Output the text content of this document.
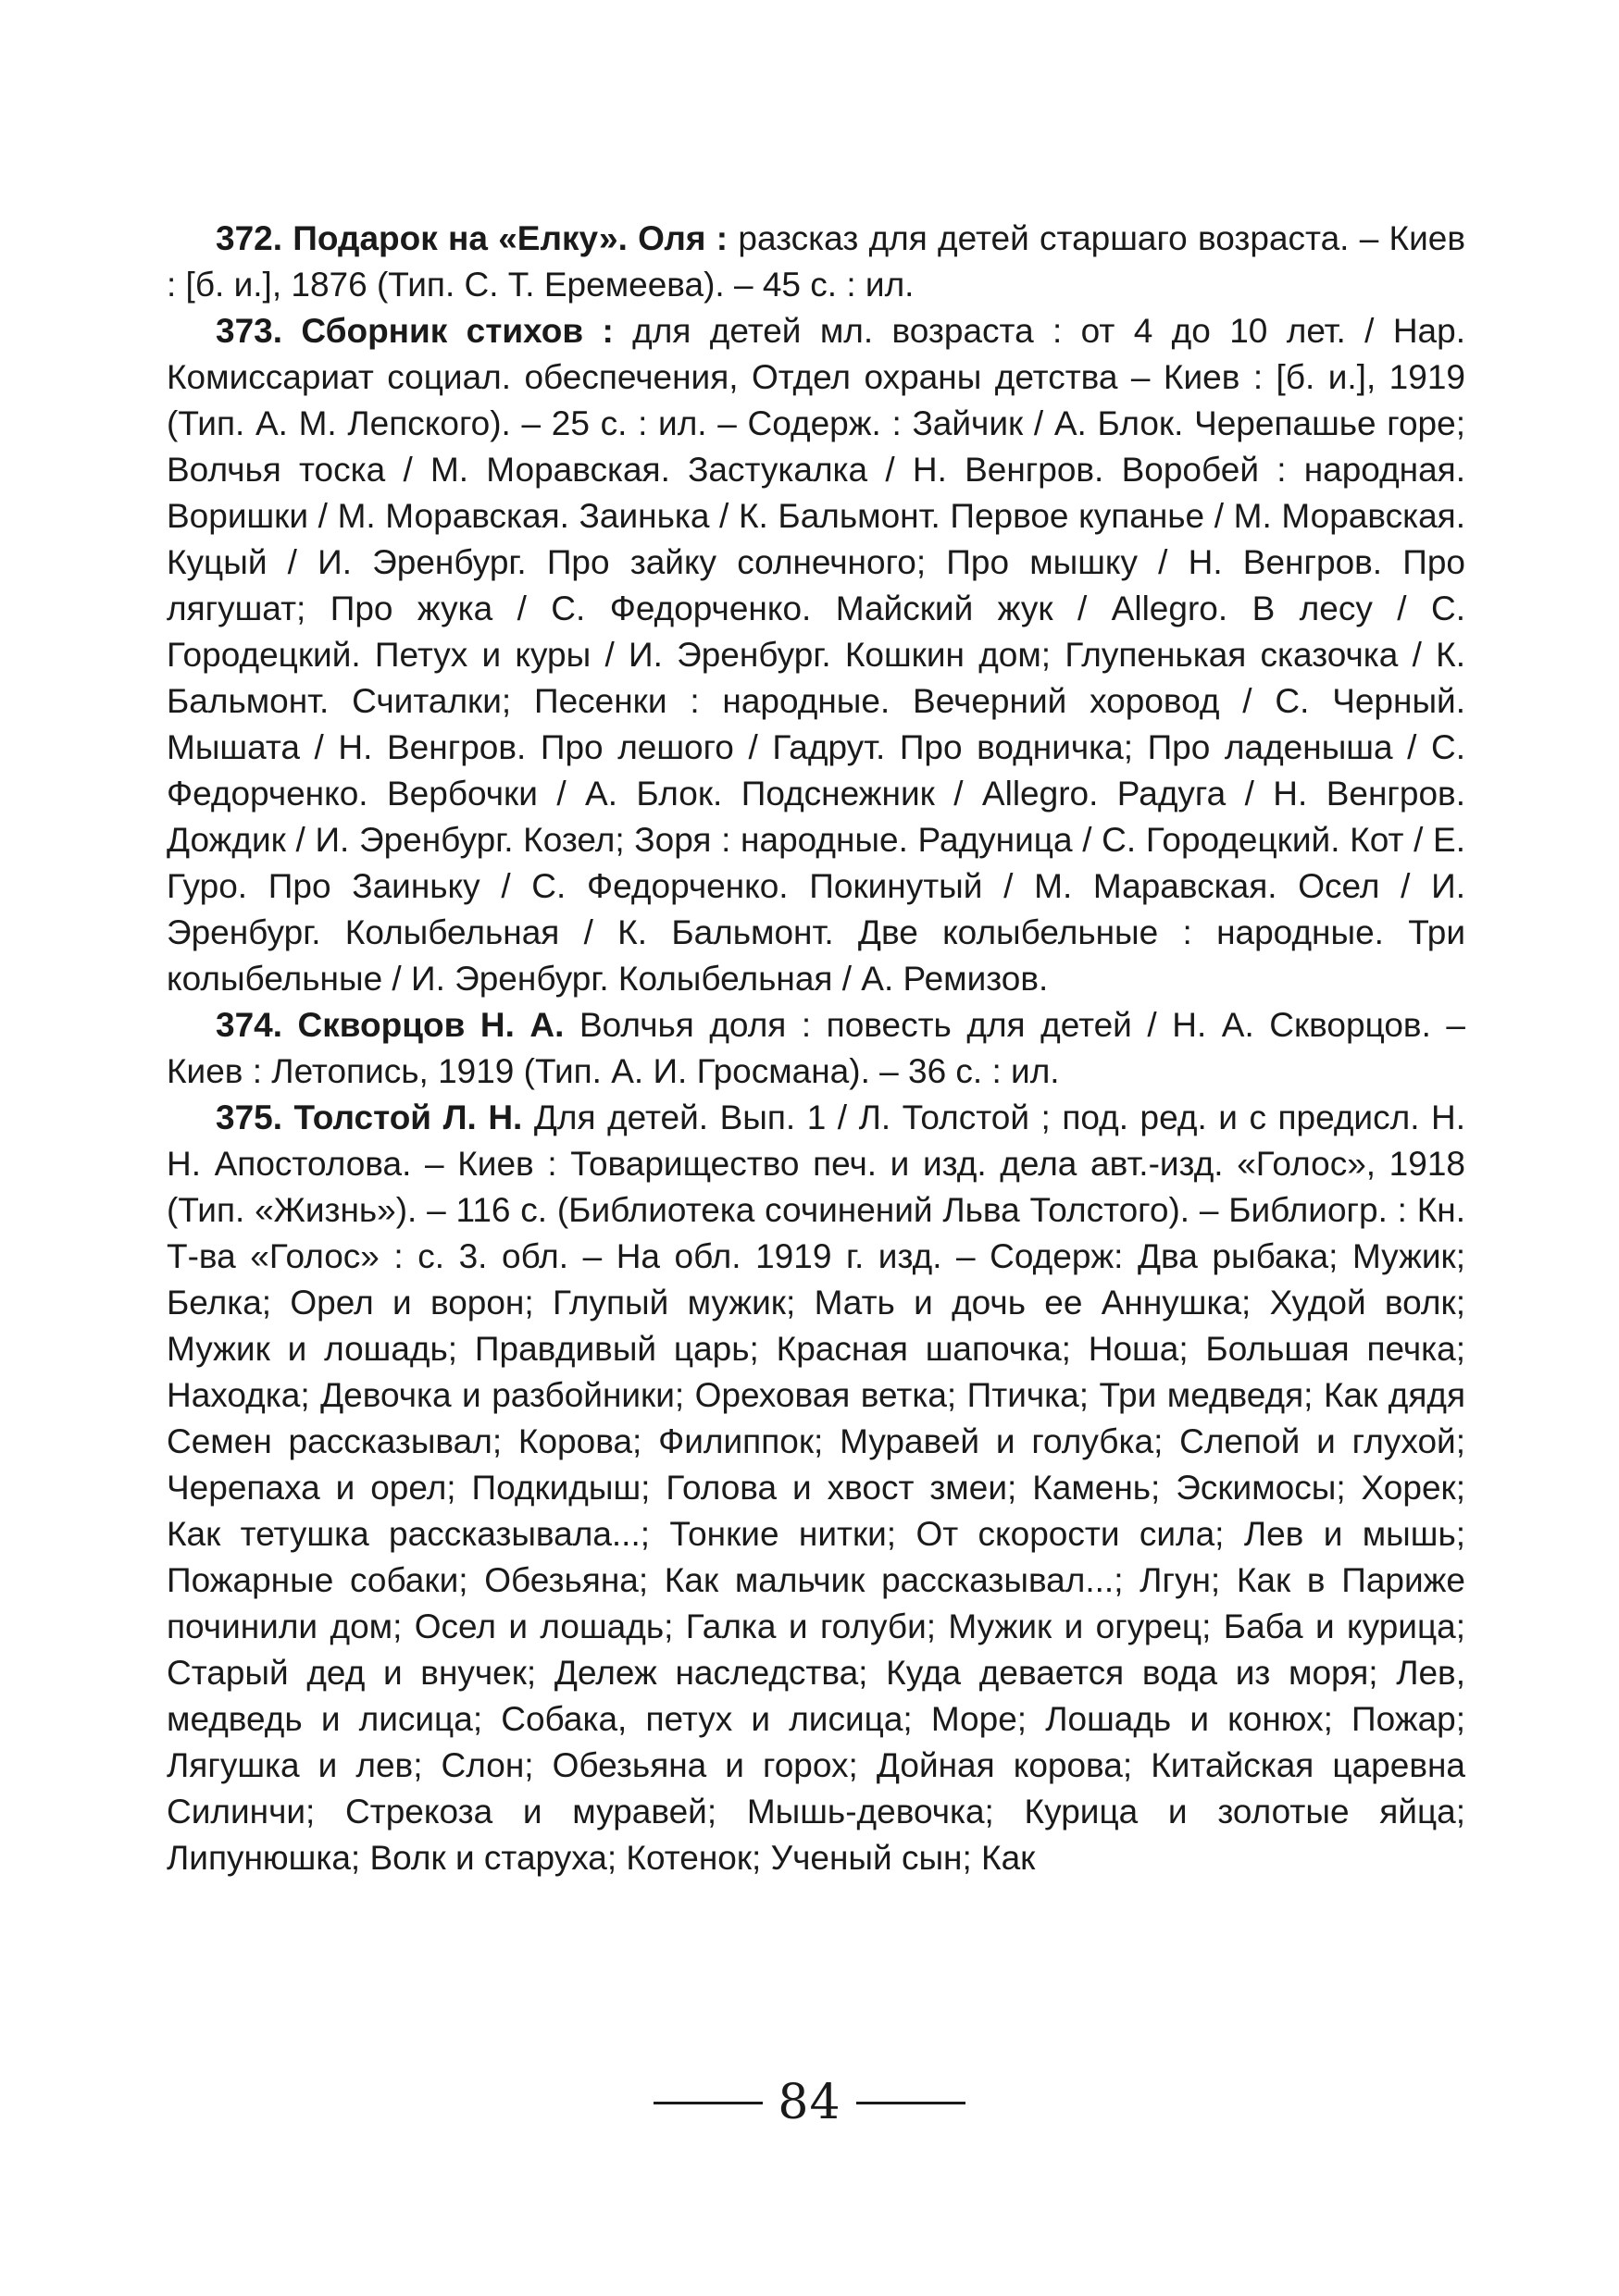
372. Подарок на «Елку». Оля : разсказ для детей старшаго возраста. – Киев : [б. и.], 1876 (Тип. С. Т. Еремеева). – 45 с. : ил.

373. Сборник стихов : для детей мл. возраста : от 4 до 10 лет. / Нар. Комиссариат социал. обеспечения, Отдел охраны детства – Киев : [б. и.], 1919 (Тип. А. М. Лепского). – 25 с. : ил. – Содерж. : Зайчик / А. Блок. Черепашье горе; Волчья тоска / М. Моравская. Застукалка / Н. Венгров. Воробей : народная. Воришки / М. Моравская. Заинька / К. Бальмонт. Первое купанье / М. Моравская. Куцый / И. Эренбург. Про зайку солнечного; Про мышку / Н. Венгров. Про лягушат; Про жука / С. Федорченко. Майский жук / Allegro. В лесу / С. Городецкий. Петух и куры / И. Эренбург. Кошкин дом; Глупенькая сказочка / К. Бальмонт. Считалки; Песенки : народные. Вечерний хоровод / С. Черный. Мышата / Н. Венгров. Про лешого / Гадрут. Про водничка; Про ладеныша / С. Федорченко. Вербочки / А. Блок. Подснежник / Allegro. Радуга / Н. Венгров. Дождик / И. Эренбург. Козел; Зоря : народные. Радуница / С. Городецкий. Кот / Е. Гуро. Про Заиньку / С. Федорченко. Покинутый / М. Маравская. Осел / И. Эренбург. Колыбельная / К. Бальмонт. Две колыбельные : народные. Три колыбельные / И. Эренбург. Колыбельная / А. Ремизов.

374. Скворцов Н. А. Волчья доля : повесть для детей / Н. А. Скворцов. – Киев : Летопись, 1919 (Тип. А. И. Гросмана). – 36 с. : ил.

375. Толстой Л. Н. Для детей. Вып. 1 / Л. Толстой ; под. ред. и с предисл. Н. Н. Апостолова. – Киев : Товарищество печ. и изд. дела авт.-изд. «Голос», 1918 (Тип. «Жизнь»). – 116 с. (Библиотека сочинений Льва Толстого). – Библиогр. : Кн. Т-ва «Голос» : с. 3. обл. – На обл. 1919 г. изд. – Содерж: Два рыбака; Мужик; Белка; Орел и ворон; Глупый мужик; Мать и дочь ее Аннушка; Худой волк; Мужик и лошадь; Правдивый царь; Красная шапочка; Ноша; Большая печка; Находка; Девочка и разбойники; Ореховая ветка; Птичка; Три медведя; Как дядя Семен рассказывал; Корова; Филиппок; Муравей и голубка; Слепой и глухой; Черепаха и орел; Подкидыш; Голова и хвост змеи; Камень; Эскимосы; Хорек; Как тетушка рассказывала...; Тонкие нитки; От скорости сила; Лев и мышь; Пожарные собаки; Обезьяна; Как мальчик рассказывал...; Лгун; Как в Париже починили дом; Осел и лошадь; Галка и голуби; Мужик и огурец; Баба и курица; Старый дед и внучек; Дележ наследства; Куда девается вода из моря; Лев, медведь и лисица; Собака, петух и лисица; Море; Лошадь и конюх; Пожар; Лягушка и лев; Слон; Обезьяна и горох; Дойная корова; Китайская царевна Силинчи; Стрекоза и муравей; Мышь-девочка; Курица и золотые яйца; Липунюшка; Волк и старуха; Котенок; Ученый сын; Как

84
